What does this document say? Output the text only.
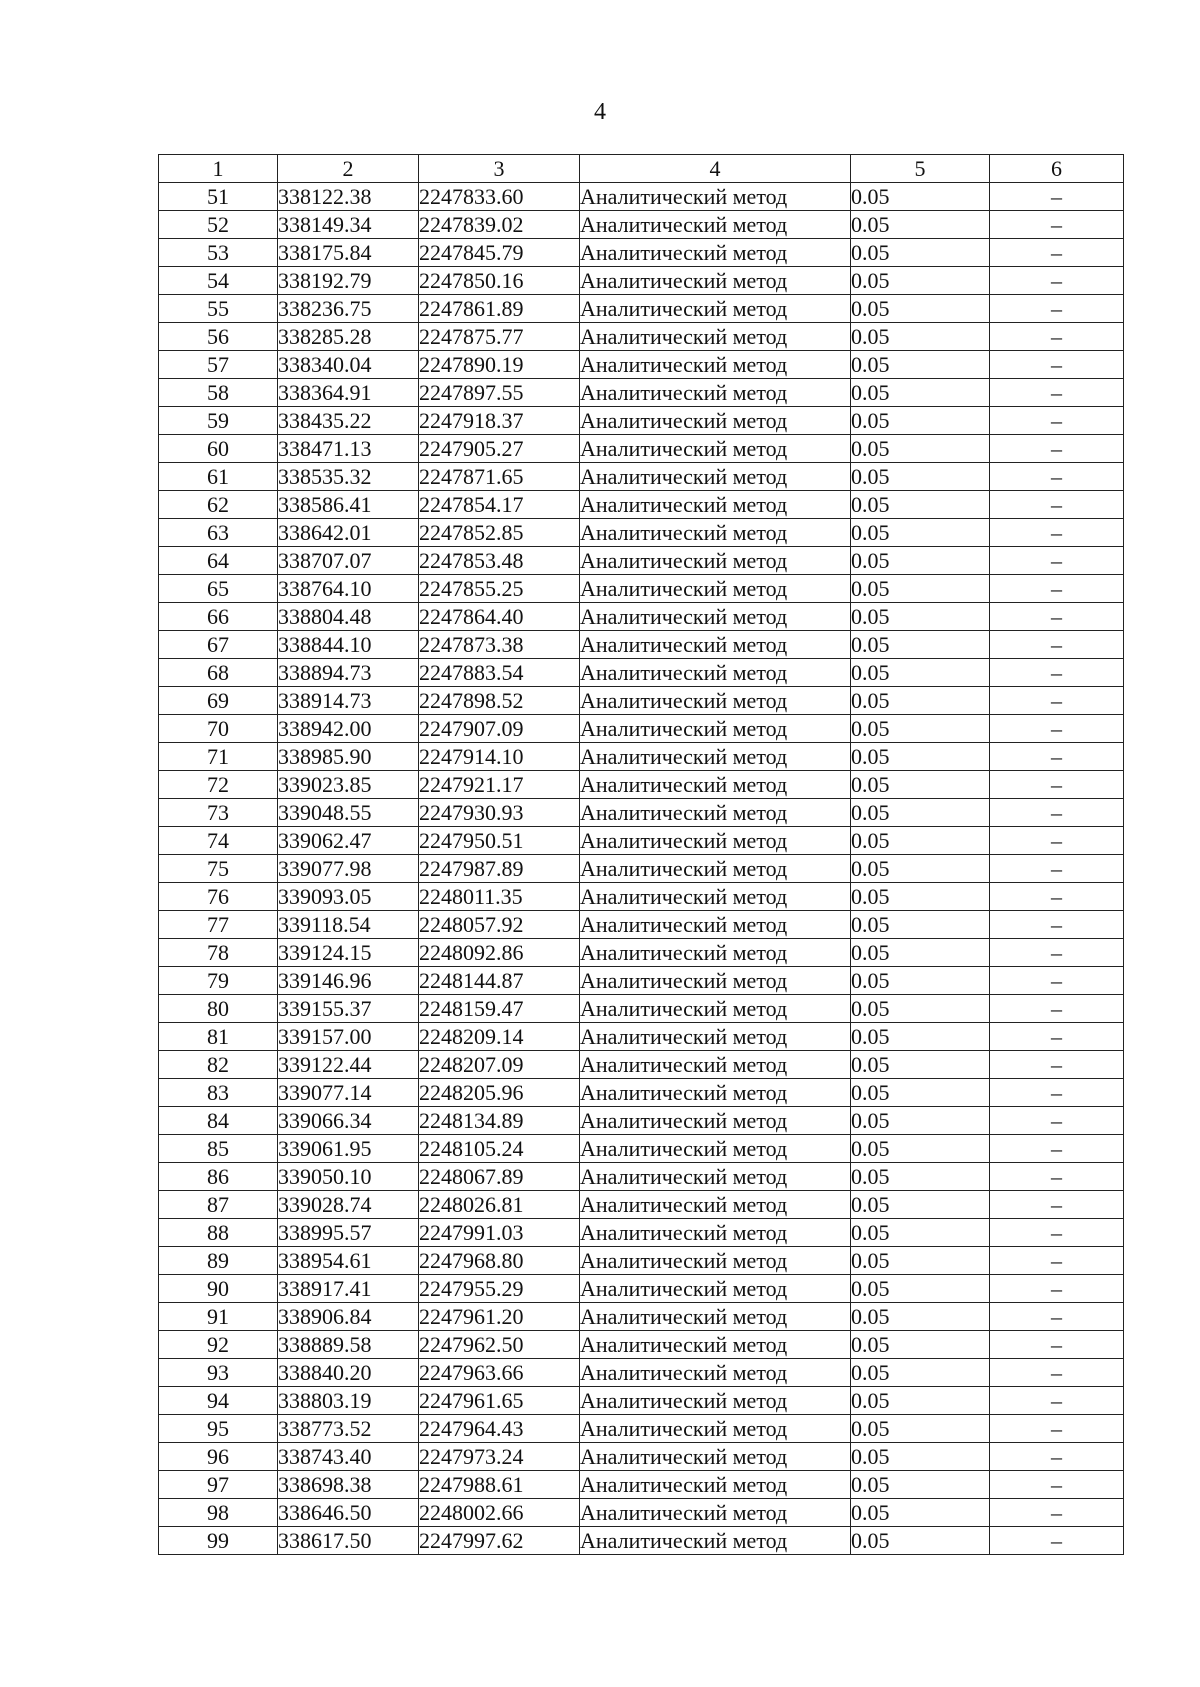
4
1	2	3	4	5	6
51	338122.38	2247833.60	Аналитический метод	0.05	–
52	338149.34	2247839.02	Аналитический метод	0.05	–
53	338175.84	2247845.79	Аналитический метод	0.05	–
54	338192.79	2247850.16	Аналитический метод	0.05	–
55	338236.75	2247861.89	Аналитический метод	0.05	–
56	338285.28	2247875.77	Аналитический метод	0.05	–
57	338340.04	2247890.19	Аналитический метод	0.05	–
58	338364.91	2247897.55	Аналитический метод	0.05	–
59	338435.22	2247918.37	Аналитический метод	0.05	–
60	338471.13	2247905.27	Аналитический метод	0.05	–
61	338535.32	2247871.65	Аналитический метод	0.05	–
62	338586.41	2247854.17	Аналитический метод	0.05	–
63	338642.01	2247852.85	Аналитический метод	0.05	–
64	338707.07	2247853.48	Аналитический метод	0.05	–
65	338764.10	2247855.25	Аналитический метод	0.05	–
66	338804.48	2247864.40	Аналитический метод	0.05	–
67	338844.10	2247873.38	Аналитический метод	0.05	–
68	338894.73	2247883.54	Аналитический метод	0.05	–
69	338914.73	2247898.52	Аналитический метод	0.05	–
70	338942.00	2247907.09	Аналитический метод	0.05	–
71	338985.90	2247914.10	Аналитический метод	0.05	–
72	339023.85	2247921.17	Аналитический метод	0.05	–
73	339048.55	2247930.93	Аналитический метод	0.05	–
74	339062.47	2247950.51	Аналитический метод	0.05	–
75	339077.98	2247987.89	Аналитический метод	0.05	–
76	339093.05	2248011.35	Аналитический метод	0.05	–
77	339118.54	2248057.92	Аналитический метод	0.05	–
78	339124.15	2248092.86	Аналитический метод	0.05	–
79	339146.96	2248144.87	Аналитический метод	0.05	–
80	339155.37	2248159.47	Аналитический метод	0.05	–
81	339157.00	2248209.14	Аналитический метод	0.05	–
82	339122.44	2248207.09	Аналитический метод	0.05	–
83	339077.14	2248205.96	Аналитический метод	0.05	–
84	339066.34	2248134.89	Аналитический метод	0.05	–
85	339061.95	2248105.24	Аналитический метод	0.05	–
86	339050.10	2248067.89	Аналитический метод	0.05	–
87	339028.74	2248026.81	Аналитический метод	0.05	–
88	338995.57	2247991.03	Аналитический метод	0.05	–
89	338954.61	2247968.80	Аналитический метод	0.05	–
90	338917.41	2247955.29	Аналитический метод	0.05	–
91	338906.84	2247961.20	Аналитический метод	0.05	–
92	338889.58	2247962.50	Аналитический метод	0.05	–
93	338840.20	2247963.66	Аналитический метод	0.05	–
94	338803.19	2247961.65	Аналитический метод	0.05	–
95	338773.52	2247964.43	Аналитический метод	0.05	–
96	338743.40	2247973.24	Аналитический метод	0.05	–
97	338698.38	2247988.61	Аналитический метод	0.05	–
98	338646.50	2248002.66	Аналитический метод	0.05	–
99	338617.50	2247997.62	Аналитический метод	0.05	–
